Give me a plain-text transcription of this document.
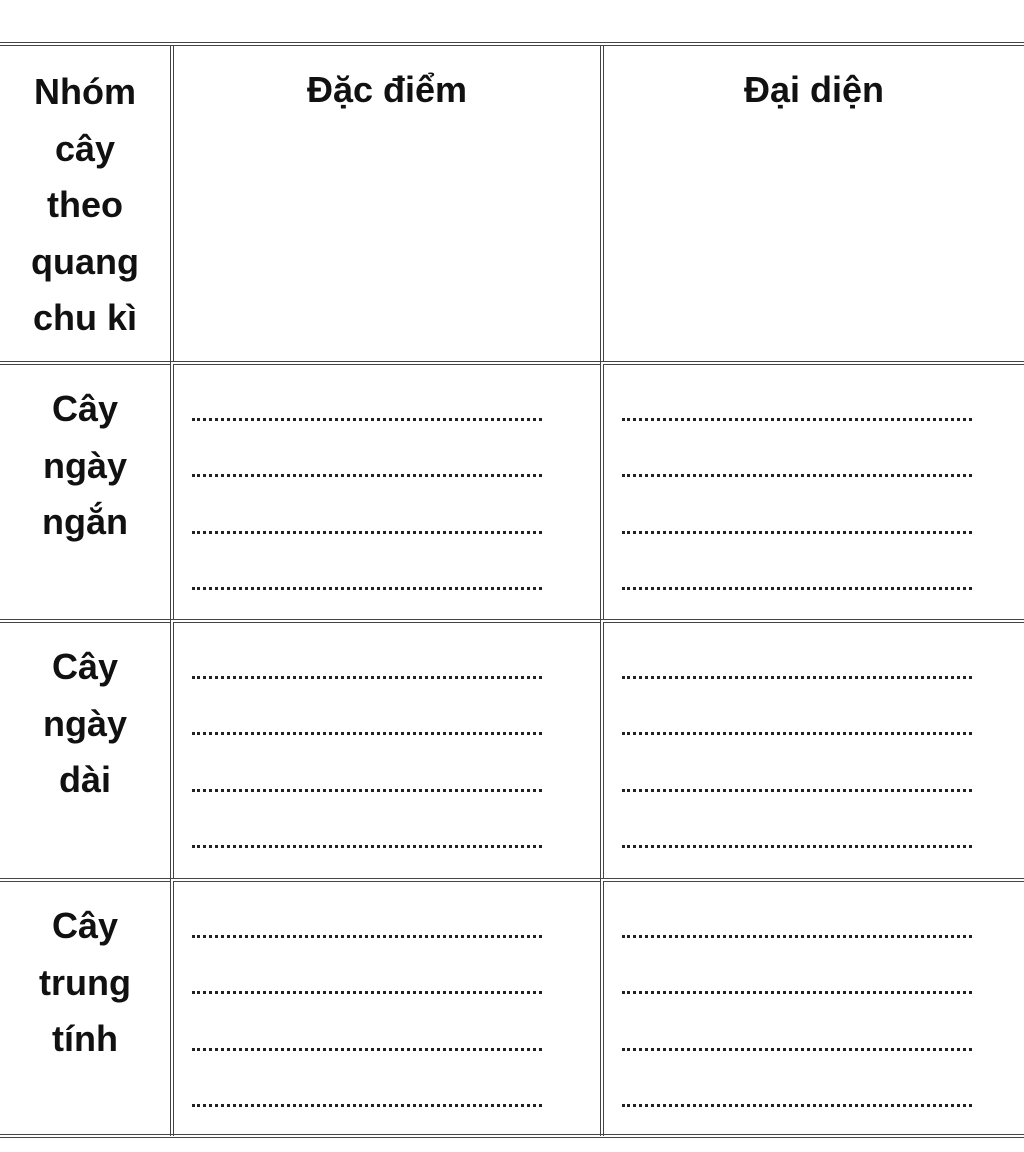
Nhóm
cây
theo
quang
chu kì
Đặc điểm	Đại diện
Cây
ngày
ngắn
Cây
ngày
dài
Cây
trung
tính
